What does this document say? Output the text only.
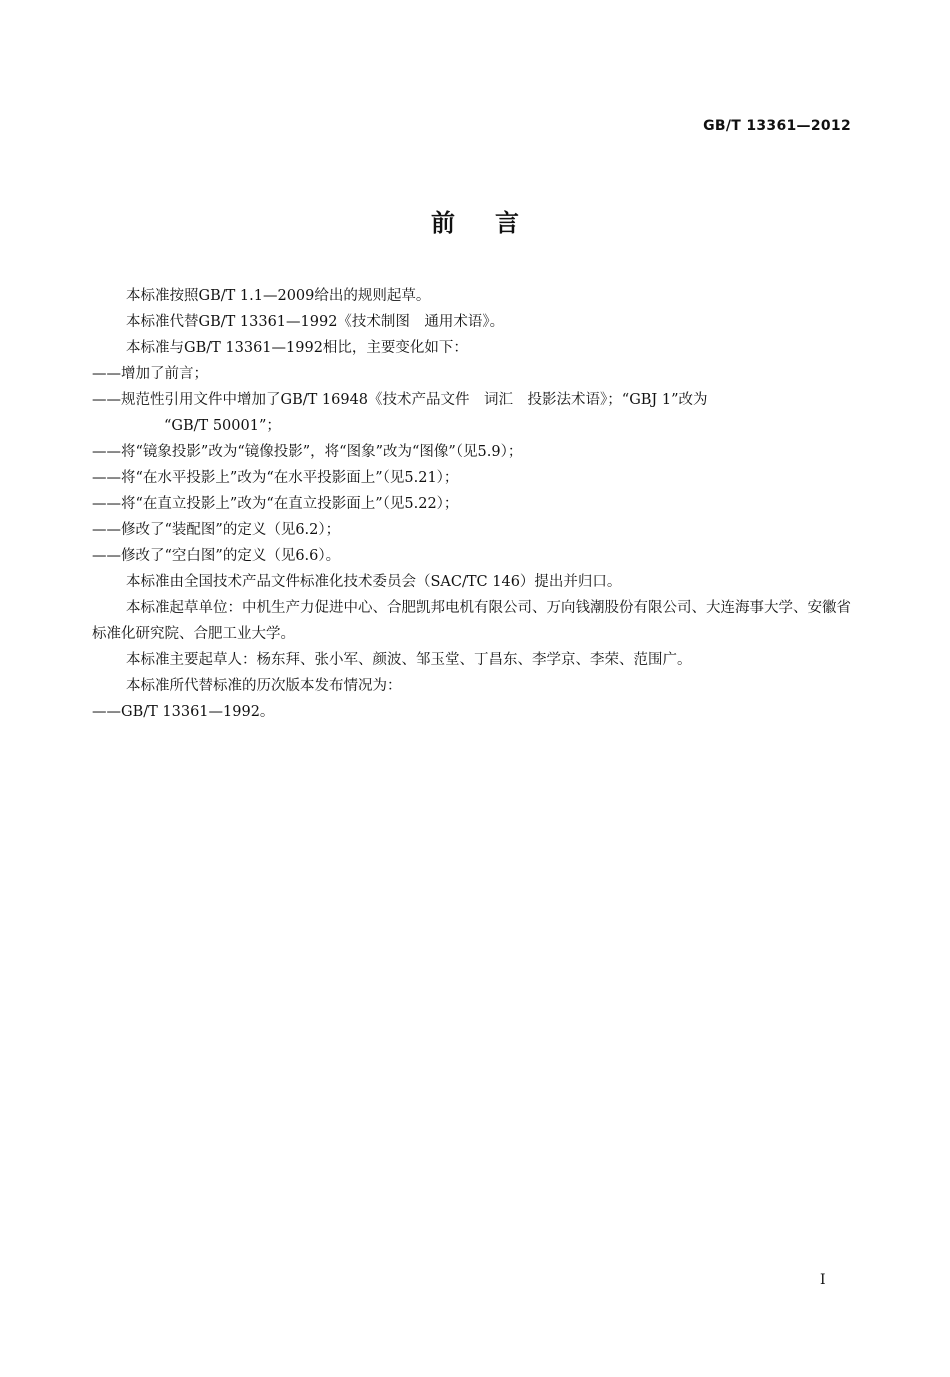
GB/T 13361—2012
前言

本标准按照GB/T 1.1—2009给出的规则起草。

本标准代替GB/T 13361—1992《技术制图　通用术语》。

本标准与GB/T 13361—1992相比，主要变化如下：

——增加了前言；

——规范性引用文件中增加了GB/T 16948《技术产品文件　词汇　投影法术语》；“GBJ 1”改为

“GB/T 50001”；

——将“镜象投影”改为“镜像投影”，将“图象”改为“图像”（见5.9）；

——将“在水平投影上”改为“在水平投影面上”（见5.21）；

——将“在直立投影上”改为“在直立投影面上”（见5.22）；

——修改了“装配图”的定义（见6.2）；

——修改了“空白图”的定义（见6.6）。

本标准由全国技术产品文件标准化技术委员会（SAC/TC 146）提出并归口。

本标准起草单位：中机生产力促进中心、合肥凯邦电机有限公司、万向钱潮股份有限公司、大连海事大学、安徽省标准化研究院、合肥工业大学。

本标准主要起草人：杨东拜、张小军、颜波、邹玉堂、丁昌东、李学京、李荣、范围广。

本标准所代替标准的历次版本发布情况为：

——GB/T 13361—1992。

I
